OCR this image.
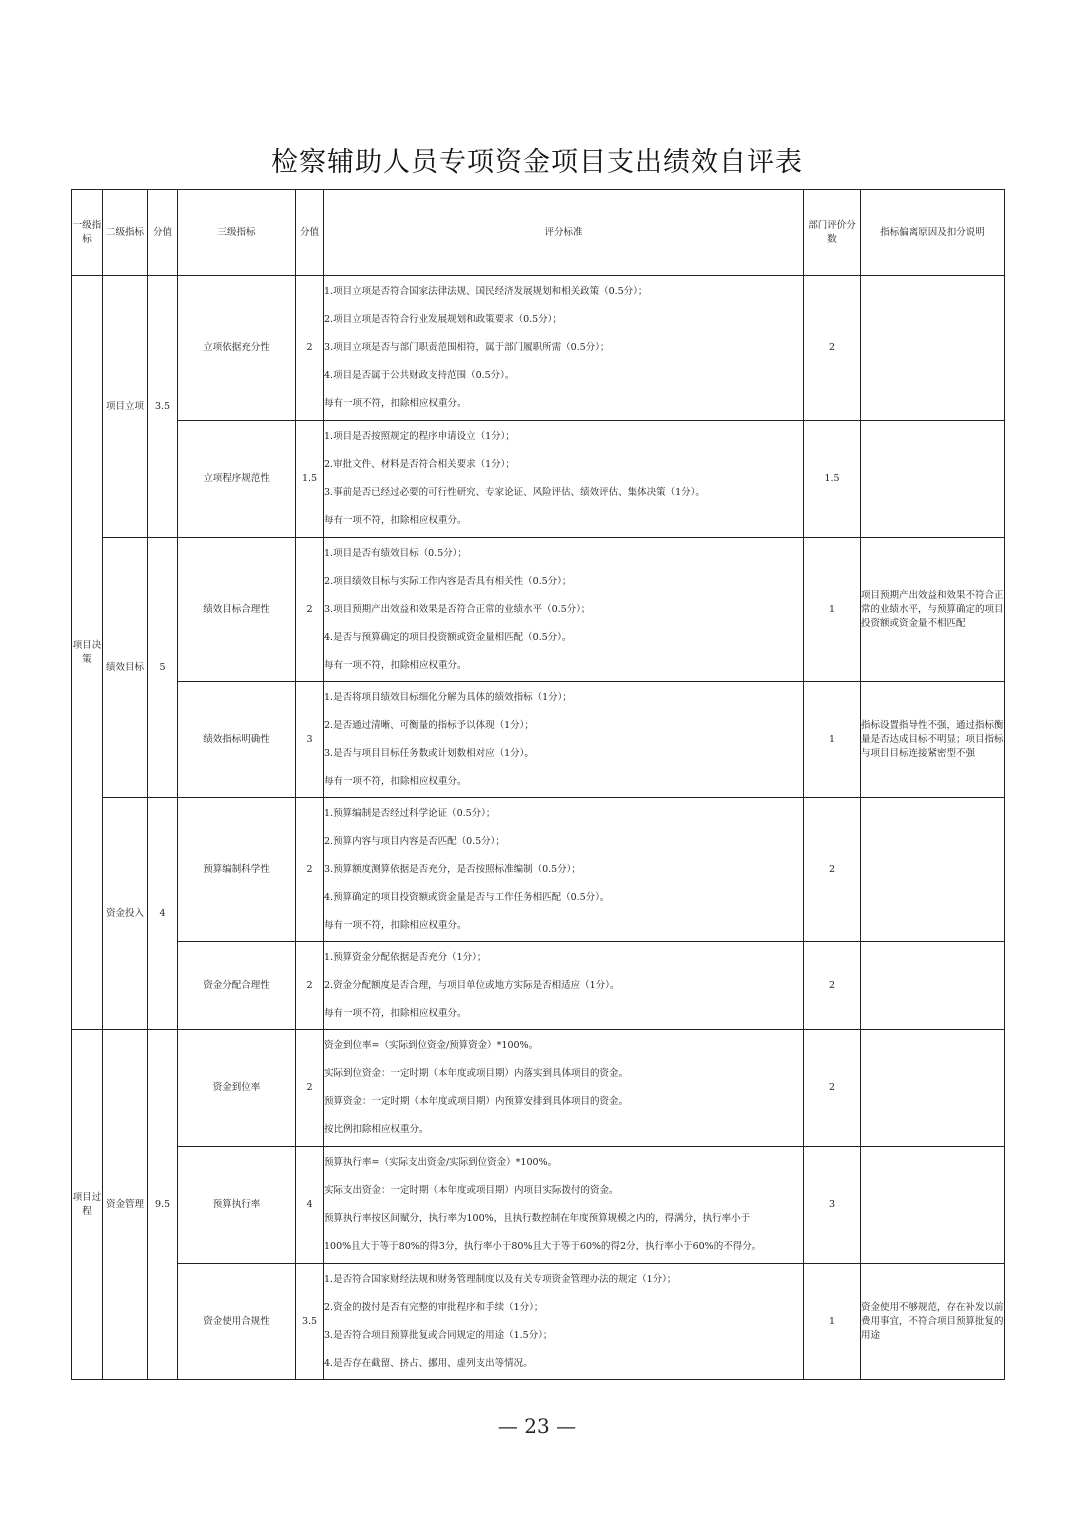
检察辅助人员专项资金项目支出绩效自评表
一级指标	二级指标	分值	三级指标	分值	评分标准	部门评价分数	指标偏离原因及扣分说明
项目决策	项目立项	3.5	立项依据充分性	2	1.项目立项是否符合国家法律法规、国民经济发展规划和相关政策（0.5分）；
2.项目立项是否符合行业发展规划和政策要求（0.5分）；
3.项目立项是否与部门职责范围相符，属于部门履职所需（0.5分）；
4.项目是否属于公共财政支持范围（0.5分）。
每有一项不符，扣除相应权重分。	2	
			立项程序规范性	1.5	1.项目是否按照规定的程序申请设立（1分）；
2.审批文件、材料是否符合相关要求（1分）；
3.事前是否已经过必要的可行性研究、专家论证、风险评估、绩效评估、集体决策（1分）。
每有一项不符，扣除相应权重分。	1.5	
	绩效目标	5	绩效目标合理性	2	1.项目是否有绩效目标（0.5分）；
2.项目绩效目标与实际工作内容是否具有相关性（0.5分）；
3.项目预期产出效益和效果是否符合正常的业绩水平（0.5分）；
4.是否与预算确定的项目投资额或资金量相匹配（0.5分）。
每有一项不符，扣除相应权重分。	1	项目预期产出效益和效果不符合正常的业绩水平，与预算确定的项目投资额或资金量不相匹配
			绩效指标明确性	3	1.是否将项目绩效目标细化分解为具体的绩效指标（1分）；
2.是否通过清晰、可衡量的指标予以体现（1分）；
3.是否与项目目标任务数或计划数相对应（1分）。
每有一项不符，扣除相应权重分。	1	指标设置指导性不强，通过指标衡量是否达成目标不明显；项目指标与项目目标连接紧密型不强
	资金投入	4	预算编制科学性	2	1.预算编制是否经过科学论证（0.5分）；
2.预算内容与项目内容是否匹配（0.5分）；
3.预算额度测算依据是否充分，是否按照标准编制（0.5分）；
4.预算确定的项目投资额或资金量是否与工作任务相匹配（0.5分）。
每有一项不符，扣除相应权重分。	2	
			资金分配合理性	2	1.预算资金分配依据是否充分（1分）；
2.资金分配额度是否合理，与项目单位或地方实际是否相适应（1分）。
每有一项不符，扣除相应权重分。	2	
项目过程	资金管理	9.5	资金到位率	2	资金到位率=（实际到位资金/预算资金）*100%。
实际到位资金：一定时期（本年度或项目期）内落实到具体项目的资金。
预算资金：一定时期（本年度或项目期）内预算安排到具体项目的资金。
按比例扣除相应权重分。	2	
			预算执行率	4	预算执行率=（实际支出资金/实际到位资金）*100%。
实际支出资金：一定时期（本年度或项目期）内项目实际拨付的资金。
预算执行率按区间赋分，执行率为100%，且执行数控制在年度预算规模之内的，得满分，执行率小于
100%且大于等于80%的得3分，执行率小于80%且大于等于60%的得2分，执行率小于60%的不得分。	3	
			资金使用合规性	3.5	1.是否符合国家财经法规和财务管理制度以及有关专项资金管理办法的规定（1分）；
2.资金的拨付是否有完整的审批程序和手续（1分）；
3.是否符合项目预算批复或合同规定的用途（1.5分）；
4.是否存在截留、挤占、挪用、虚列支出等情况。	1	资金使用不够规范，存在补发以前费用事宜，不符合项目预算批复的用途
— 23 —
